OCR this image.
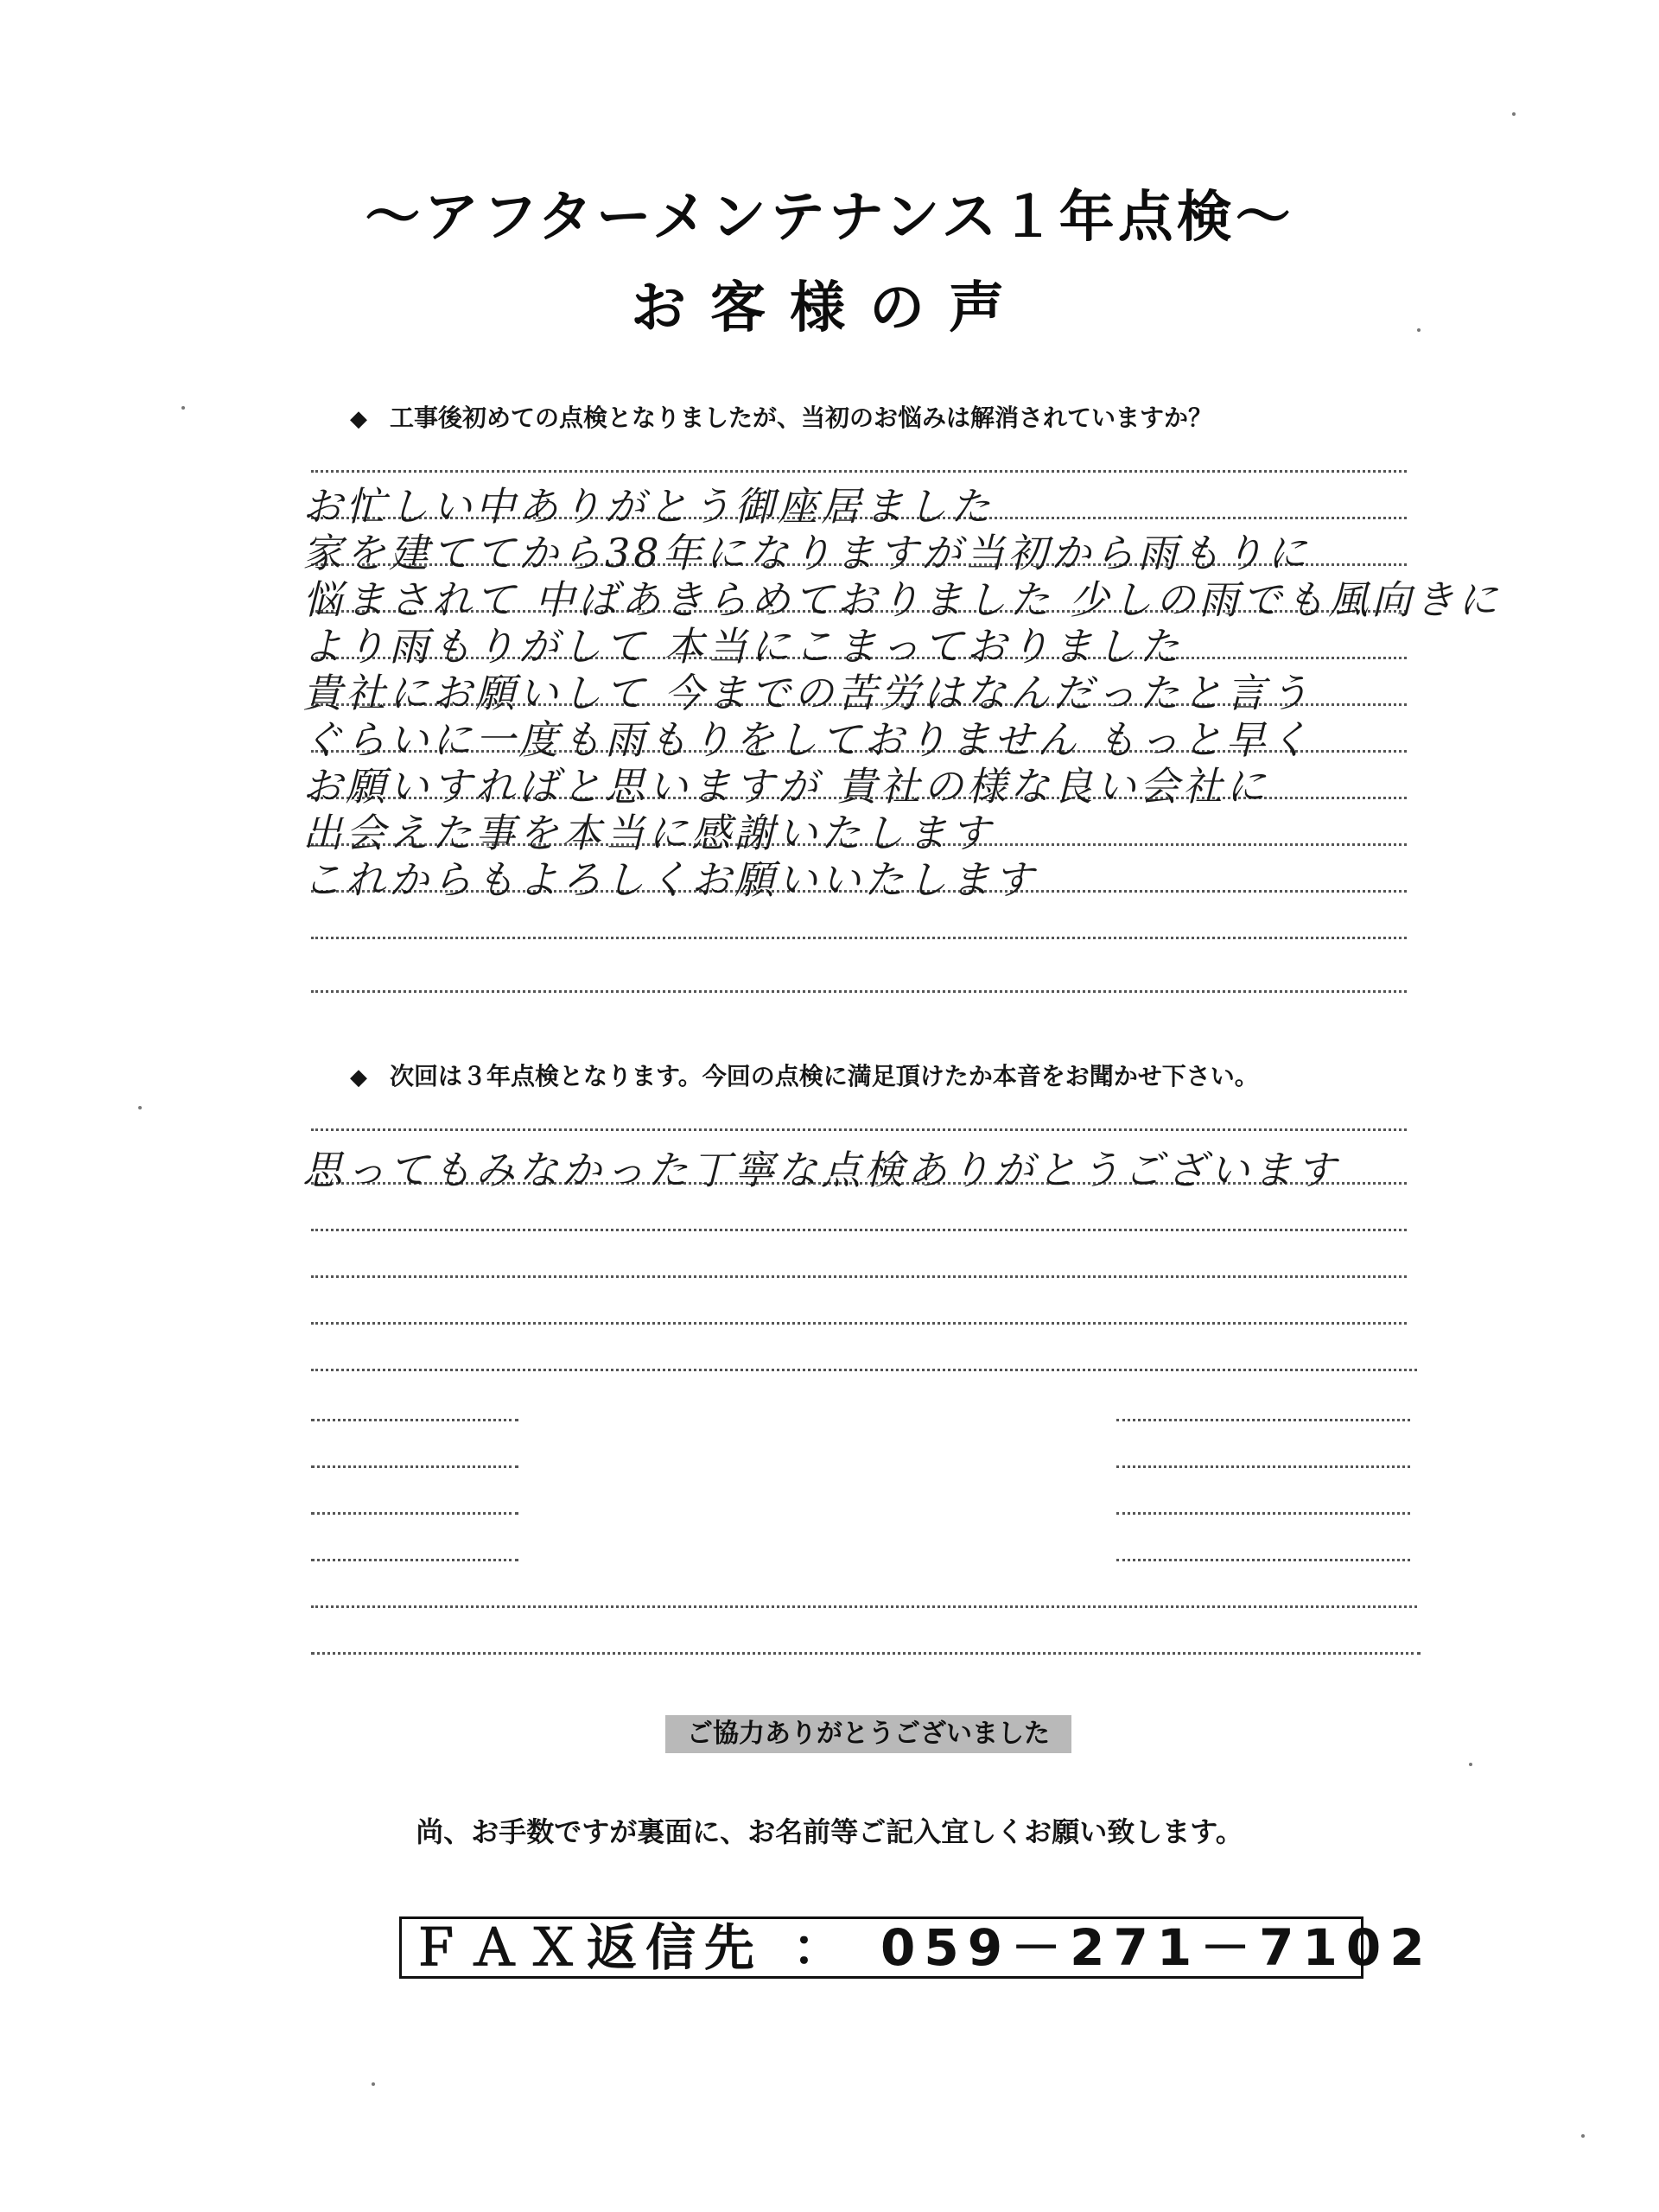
～アフターメンテナンス１年点検～
お客様の声
◆ 工事後初めての点検となりましたが、当初のお悩みは解消されていますか？
お忙しい中ありがとう御座居ました
家を建ててから38年になりますが当初から雨もりに
悩まされて 中ばあきらめておりました 少しの雨でも風向きに
より雨もりがして 本当にこまっておりました
貴社にお願いして 今までの苦労はなんだったと言う
ぐらいに一度も雨もりをしておりません もっと早く
お願いすればと思いますが 貴社の様な良い会社に
出会えた事を本当に感謝いたします
これからもよろしくお願いいたします
◆ 次回は３年点検となります。今回の点検に満足頂けたか本音をお聞かせ下さい。
思ってもみなかった丁寧な点検ありがとうございます
ご協力ありがとうございました
尚、お手数ですが裏面に、お名前等ご記入宜しくお願い致します。
ＦＡＸ返信先 ： 059－271－7102
